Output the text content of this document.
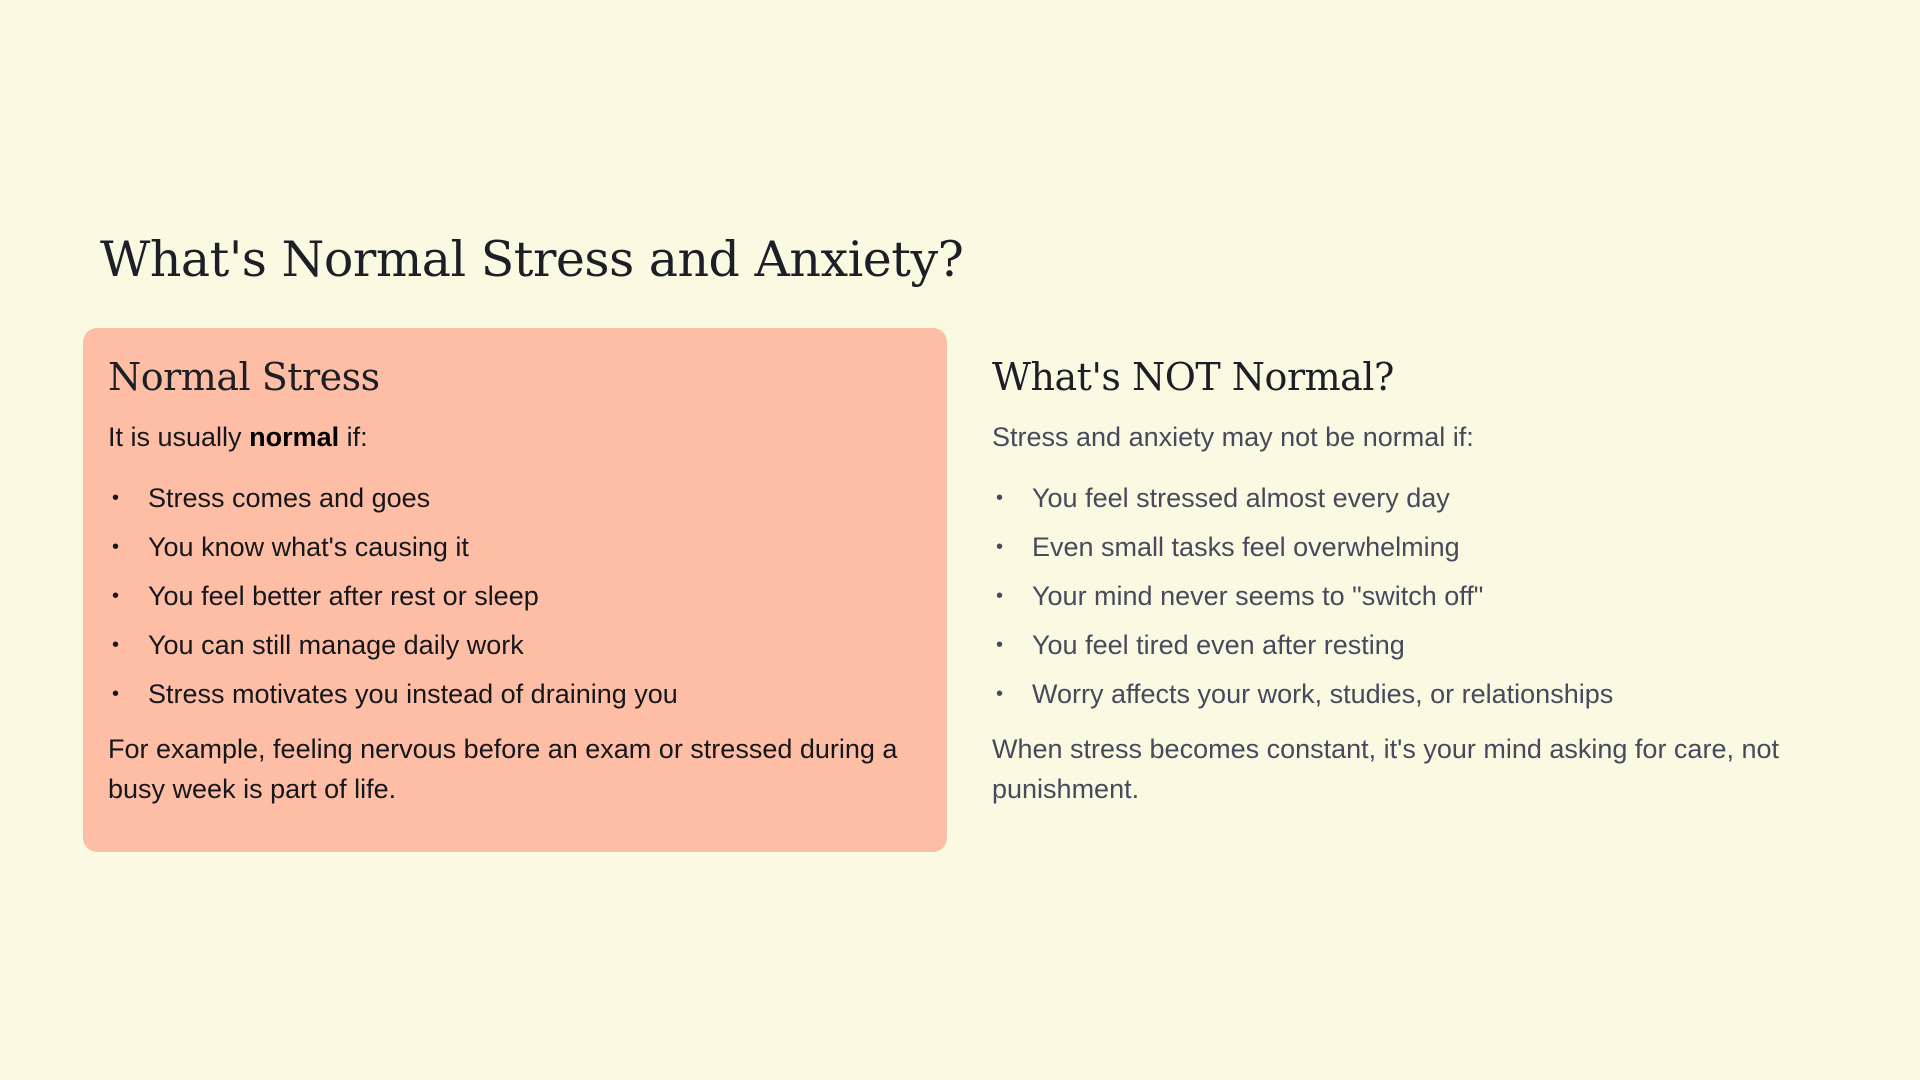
What's Normal Stress and Anxiety?
Normal Stress

It is usually normal if:

• Stress comes and goes
• You know what's causing it
• You feel better after rest or sleep
• You can still manage daily work
• Stress motivates you instead of draining you

For example, feeling nervous before an exam or stressed during a busy week is part of life.

What's NOT Normal?

Stress and anxiety may not be normal if:

• You feel stressed almost every day
• Even small tasks feel overwhelming
• Your mind never seems to "switch off"
• You feel tired even after resting
• Worry affects your work, studies, or relationships

When stress becomes constant, it's your mind asking for care, not punishment.
